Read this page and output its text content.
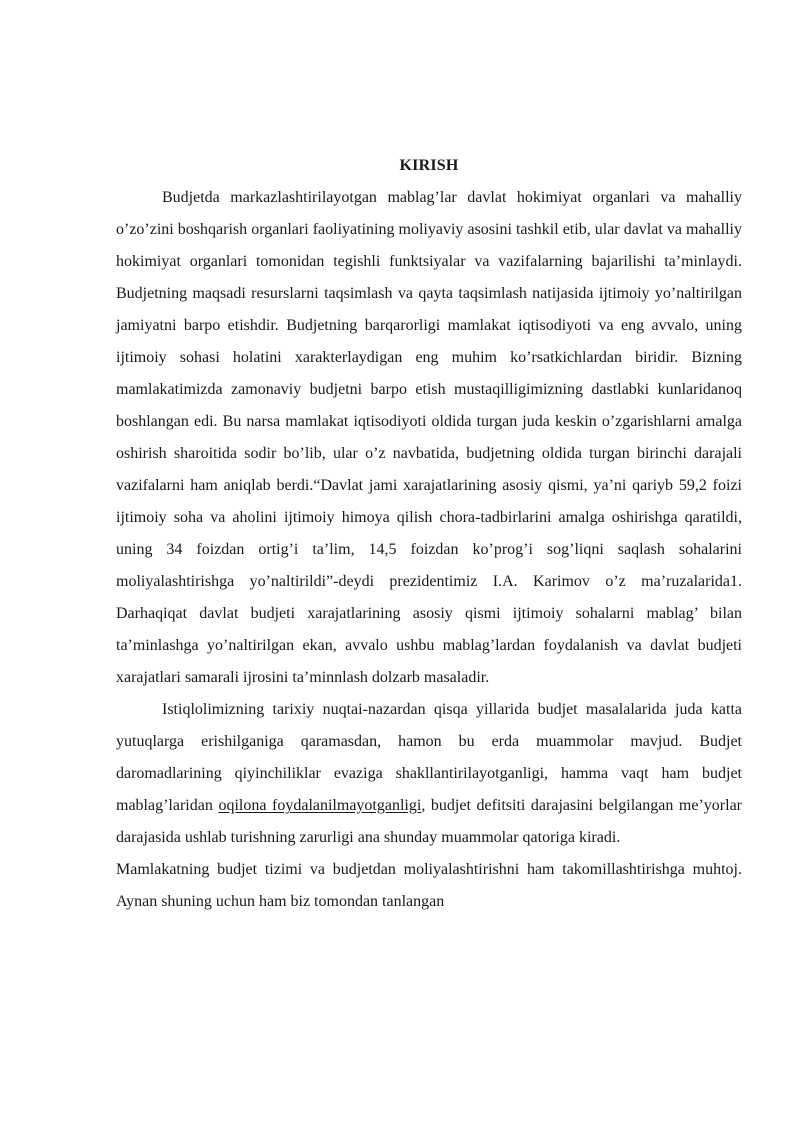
KIRISH

Budjetda markazlashtirilayotgan mablag’lar davlat hokimiyat organlari va mahalliy o’zo’zini boshqarish organlari faoliyatining moliyaviy asosini tashkil etib, ular davlat va mahalliy hokimiyat organlari tomonidan tegishli funktsiyalar va vazifalarning bajarilishi ta’minlaydi. Budjetning maqsadi resurslarni taqsimlash va qayta taqsimlash natijasida ijtimoiy yo’naltirilgan jamiyatni barpo etishdir. Budjetning barqarorligi mamlakat iqtisodiyoti va eng avvalo, uning ijtimoiy sohasi holatini xarakterlaydigan eng muhim ko’rsatkichlardan biridir. Bizning mamlakatimizda zamonaviy budjetni barpo etish mustaqilligimizning dastlabki kunlaridanoq boshlangan edi. Bu narsa mamlakat iqtisodiyoti oldida turgan juda keskin o’zgarishlarni amalga oshirish sharoitida sodir bo’lib, ular o’z navbatida, budjetning oldida turgan birinchi darajali vazifalarni ham aniqlab berdi.“Davlat jami xarajatlarining asosiy qismi, ya’ni qariyb 59,2 foizi ijtimoiy soha va aholini ijtimoiy himoya qilish chora-tadbirlarini amalga oshirishga qaratildi, uning 34 foizdan ortig’i ta’lim, 14,5 foizdan ko’prog’i sog’liqni saqlash sohalarini moliyalashtirishga yo’naltirildi”-deydi prezidentimiz I.A. Karimov o’z ma’ruzalarida1. Darhaqiqat davlat budjeti xarajatlarining asosiy qismi ijtimoiy sohalarni mablag’ bilan ta’minlashga yo’naltirilgan ekan, avvalo ushbu mablag’lardan foydalanish va davlat budjeti xarajatlari samarali ijrosini ta’minnlash dolzarb masaladir.

Istiqlolimizning tarixiy nuqtai-nazardan qisqa yillarida budjet masalalarida juda katta yutuqlarga erishilganiga qaramasdan, hamon bu erda muammolar mavjud. Budjet daromadlarining qiyinchiliklar evaziga shakllantirilayotganligi, hamma vaqt ham budjet mablag’laridan oqilona foydalanilmayotganligi, budjet defitsiti darajasini belgilangan me’yorlar darajasida ushlab turishning zarurligi ana shunday muammolar qatoriga kiradi.

Mamlakatning budjet tizimi va budjetdan moliyalashtirishni ham takomillashtirishga muhtoj. Aynan shuning uchun ham biz tomondan tanlangan
